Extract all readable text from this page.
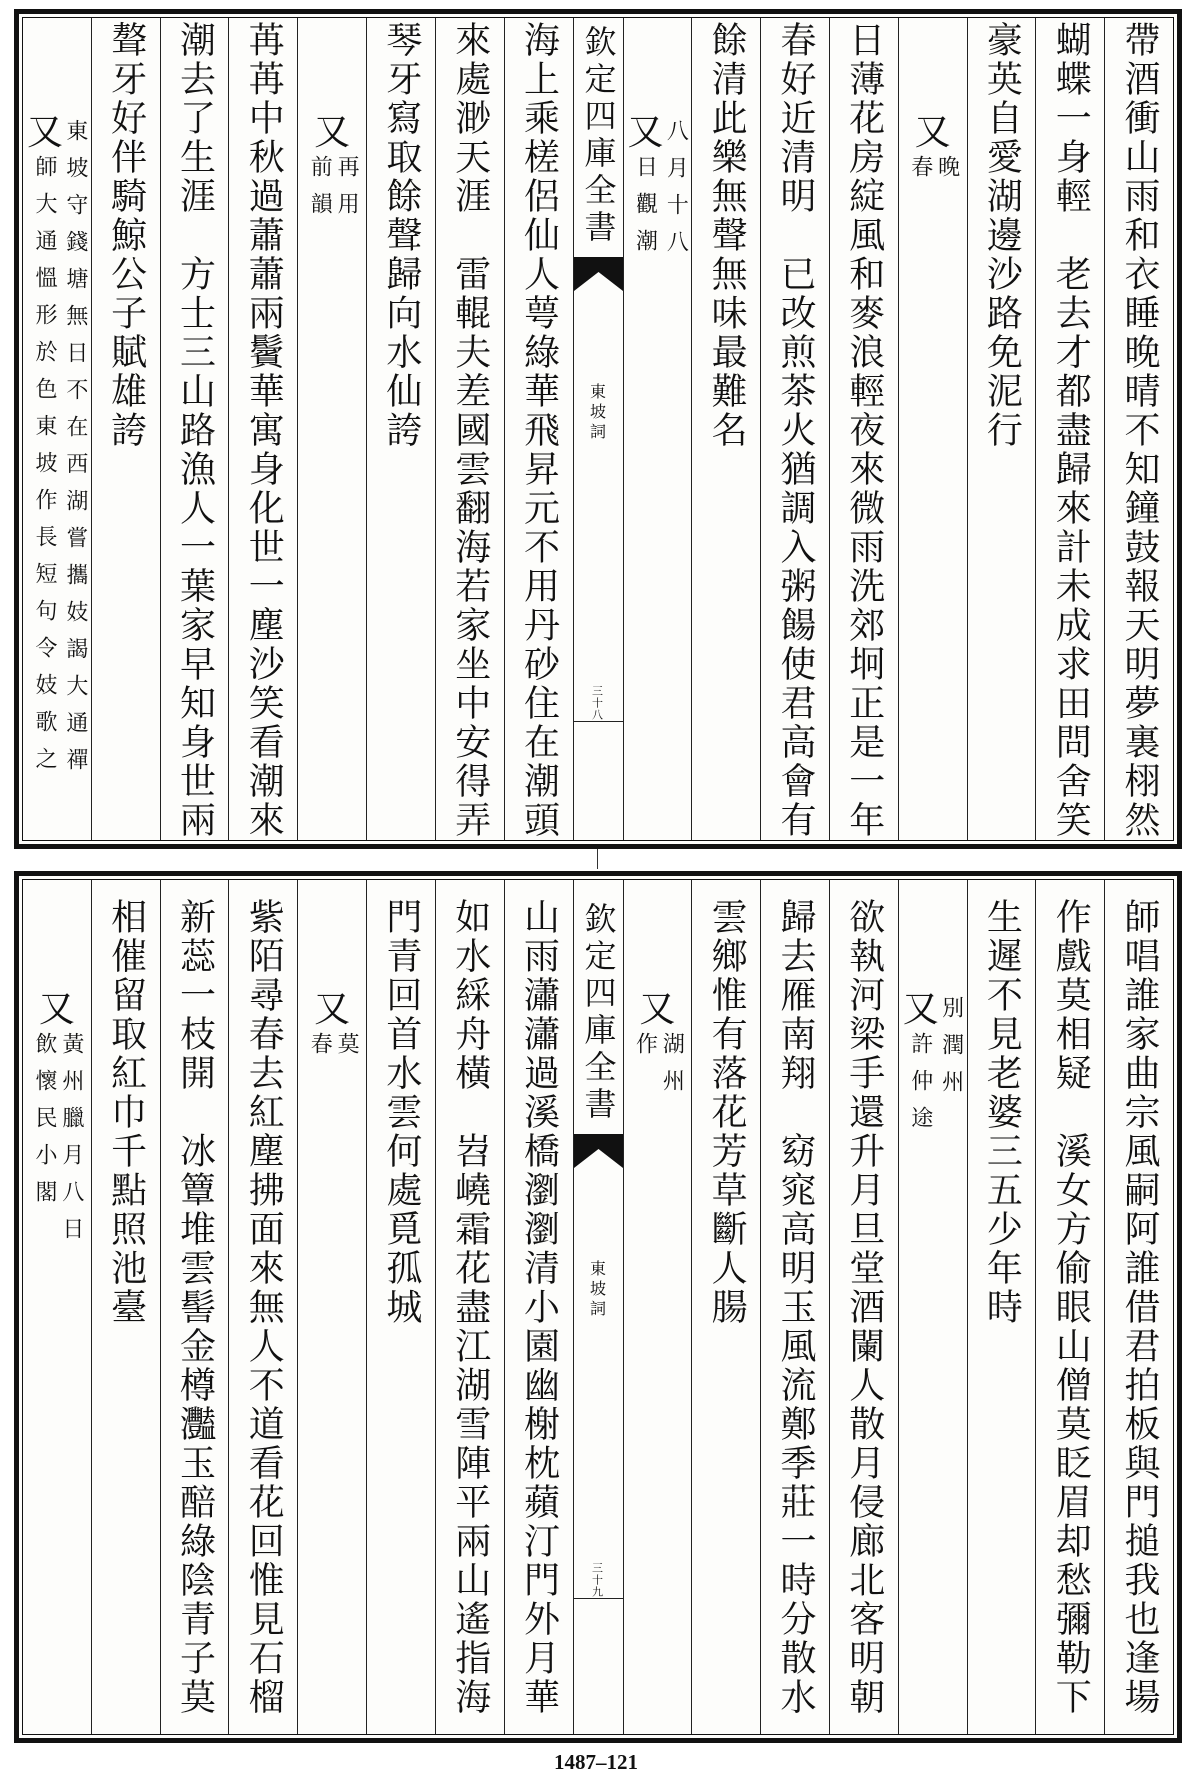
帶酒衝山雨和衣睡晚晴不知鐘鼓報天明夢裏栩然
蝴蝶一身輕　老去才都盡歸來計未成求田問舍笑
豪英自愛湖邊沙路免泥行
又
晚
春
日薄花房綻風和麥浪輕夜來微雨洗郊坰正是一年
春好近清明　已改煎茶火猶調入粥餳使君高會有
餘清此樂無聲無味最難名
又 八月十八
日觀潮
欽定四庫全書
東坡詞
三十八
海上乘槎侶仙人萼綠華飛昇元不用丹砂住在潮頭
來處渺天涯　雷輥夫差國雲翻海若家坐中安得弄
琴牙寫取餘聲歸向水仙誇
又
再用
前韻
苒苒中秋過蕭蕭兩鬢華寓身化世一塵沙笑看潮來
潮去了生涯　方士三山路漁人一葉家早知身世兩
聱牙好伴騎鯨公子賦雄誇
又 東坡守錢塘無日不在西湖嘗攜妓謁大通禪
師大通慍形於色東坡作長短句令妓歌之
師唱誰家曲宗風嗣阿誰借君拍板與門搥我也逢場
作戲莫相疑　溪女方偷眼山僧莫眨眉却愁彌勒下
生遲不見老婆三五少年時
又 別潤州
許仲途
欲執河梁手還升月旦堂酒闌人散月侵廊北客明朝
歸去雁南翔　窈窕高明玉風流鄭季莊一時分散水
雲鄉惟有落花芳草斷人腸
又
湖州
作
欽定四庫全書
東坡詞
三十九
山雨瀟瀟過溪橋瀏瀏清小園幽榭枕蘋汀門外月華
如水綵舟橫　岧嶢霜花盡江湖雪陣平兩山遙指海
門青回首水雲何處覓孤城
又
莫
春
紫陌尋春去紅塵拂面來無人不道看花回惟見石榴
新蕊一枝開　冰簟堆雲髻金樽灩玉醅綠陰青子莫
相催留取紅巾千點照池臺
又
黃州臘月八日
飲懷民小閣
1487–121
